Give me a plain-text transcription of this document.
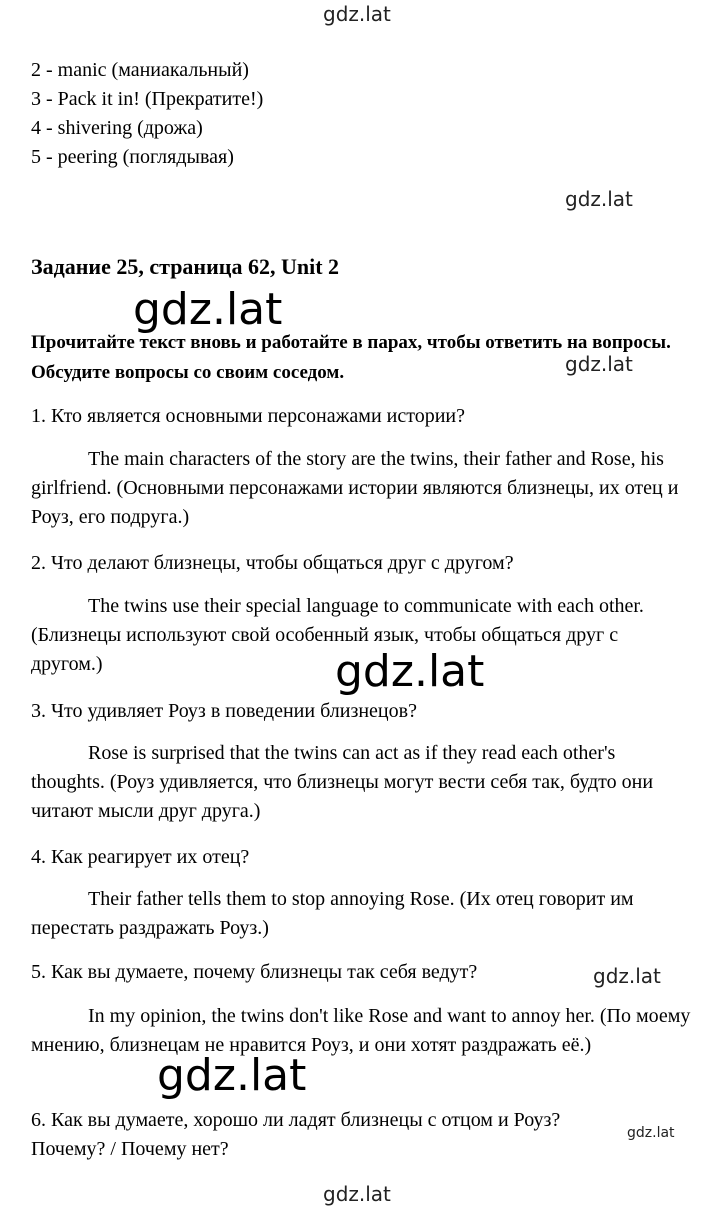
gdz.lat
gdz.lat
gdz.lat
gdz.lat
gdz.lat
gdz.lat
gdz.lat
gdz.lat
gdz.lat
2 - manic (маниакальный)
3 - Pack it in! (Прекратите!)
4 - shivering (дрожа)
5 - peering (поглядывая)
Задание 25, страница 62, Unit 2
Прочитайте текст вновь и работайте в парах, чтобы ответить на вопросы. Обсудите вопросы со своим соседом.
1. Кто является основными персонажами истории?
The main characters of the story are the twins, their father and Rose, his girlfriend. (Основными персонажами истории являются близнецы, их отец и Роуз, его подруга.)
2. Что делают близнецы, чтобы общаться друг с другом?
The twins use their special language to communicate with each other. (Близнецы используют свой особенный язык, чтобы общаться друг с другом.)
3. Что удивляет Роуз в поведении близнецов?
Rose is surprised that the twins can act as if they read each other's thoughts. (Роуз удивляется, что близнецы могут вести себя так, будто они читают мысли друг друга.)
4. Как реагирует их отец?
Their father tells them to stop annoying Rose. (Их отец говорит им перестать раздражать Роуз.)
5. Как вы думаете, почему близнецы так себя ведут?
In my opinion, the twins don't like Rose and want to annoy her. (По моему мнению, близнецам не нравится Роуз, и они хотят раздражать её.)
6. Как вы думаете, хорошо ли ладят близнецы с отцом и Роуз? Почему? / Почему нет?
